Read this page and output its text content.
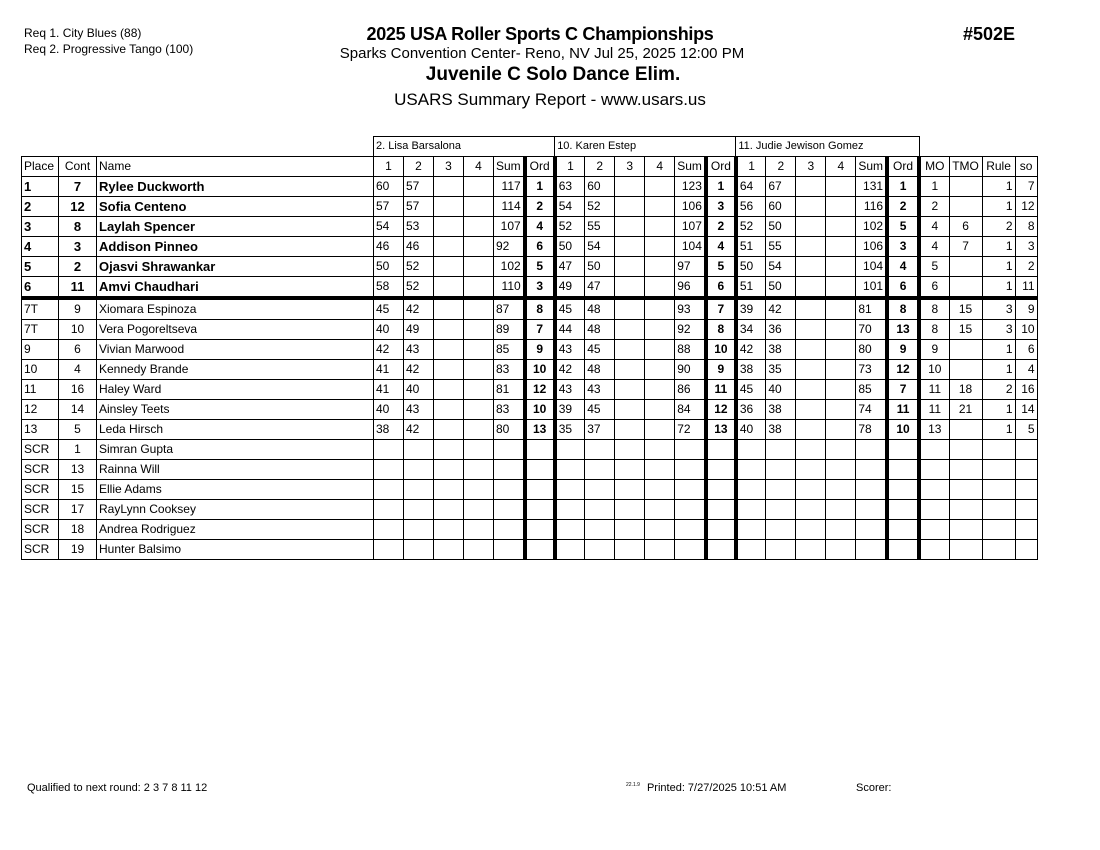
Req 1. City Blues (88)
Req 2. Progressive Tango (100)
2025 USA Roller Sports C Championships
Sparks Convention Center- Reno, NV Jul 25, 2025 12:00 PM
Juvenile C Solo Dance Elim.
USARS Summary Report - www.usars.us
#502E
			2. Lisa Barsalona						10. Karen Estep						11. Judie Jewison Gomez									
Place	Cont	Name	1	2	3	4	Sum	Ord	1	2	3	4	Sum	Ord	1	2	3	4	Sum	Ord	MO	TMO	Rule	so
1	7	Rylee Duckworth	60	57			117	1	63	60			123	1	64	67			131	1	1		1	7
2	12	Sofia Centeno	57	57			114	2	54	52			106	3	56	60			116	2	2		1	12
3	8	Laylah Spencer	54	53			107	4	52	55			107	2	52	50			102	5	4	6	2	8
4	3	Addison Pinneo	46	46			92	6	50	54			104	4	51	55			106	3	4	7	1	3
5	2	Ojasvi Shrawankar	50	52			102	5	47	50			97	5	50	54			104	4	5		1	2
6	11	Amvi Chaudhari	58	52			110	3	49	47			96	6	51	50			101	6	6		1	11
7T	9	Xiomara Espinoza	45	42			87	8	45	48			93	7	39	42			81	8	8	15	3	9
7T	10	Vera Pogoreltseva	40	49			89	7	44	48			92	8	34	36			70	13	8	15	3	10
9	6	Vivian Marwood	42	43			85	9	43	45			88	10	42	38			80	9	9		1	6
10	4	Kennedy Brande	41	42			83	10	42	48			90	9	38	35			73	12	10		1	4
11	16	Haley Ward	41	40			81	12	43	43			86	11	45	40			85	7	11	18	2	16
12	14	Ainsley Teets	40	43			83	10	39	45			84	12	36	38			74	11	11	21	1	14
13	5	Leda Hirsch	38	42			80	13	35	37			72	13	40	38			78	10	13		1	5
SCR	1	Simran Gupta																						
SCR	13	Rainna Will																						
SCR	15	Ellie Adams																						
SCR	17	RayLynn Cooksey																						
SCR	18	Andrea Rodriguez																						
SCR	19	Hunter Balsimo																						
Qualified to next round: 2 3 7 8 11 12	$^{22.1.9}$ Printed: 7/27/2025 10:51 AM	Scorer:
